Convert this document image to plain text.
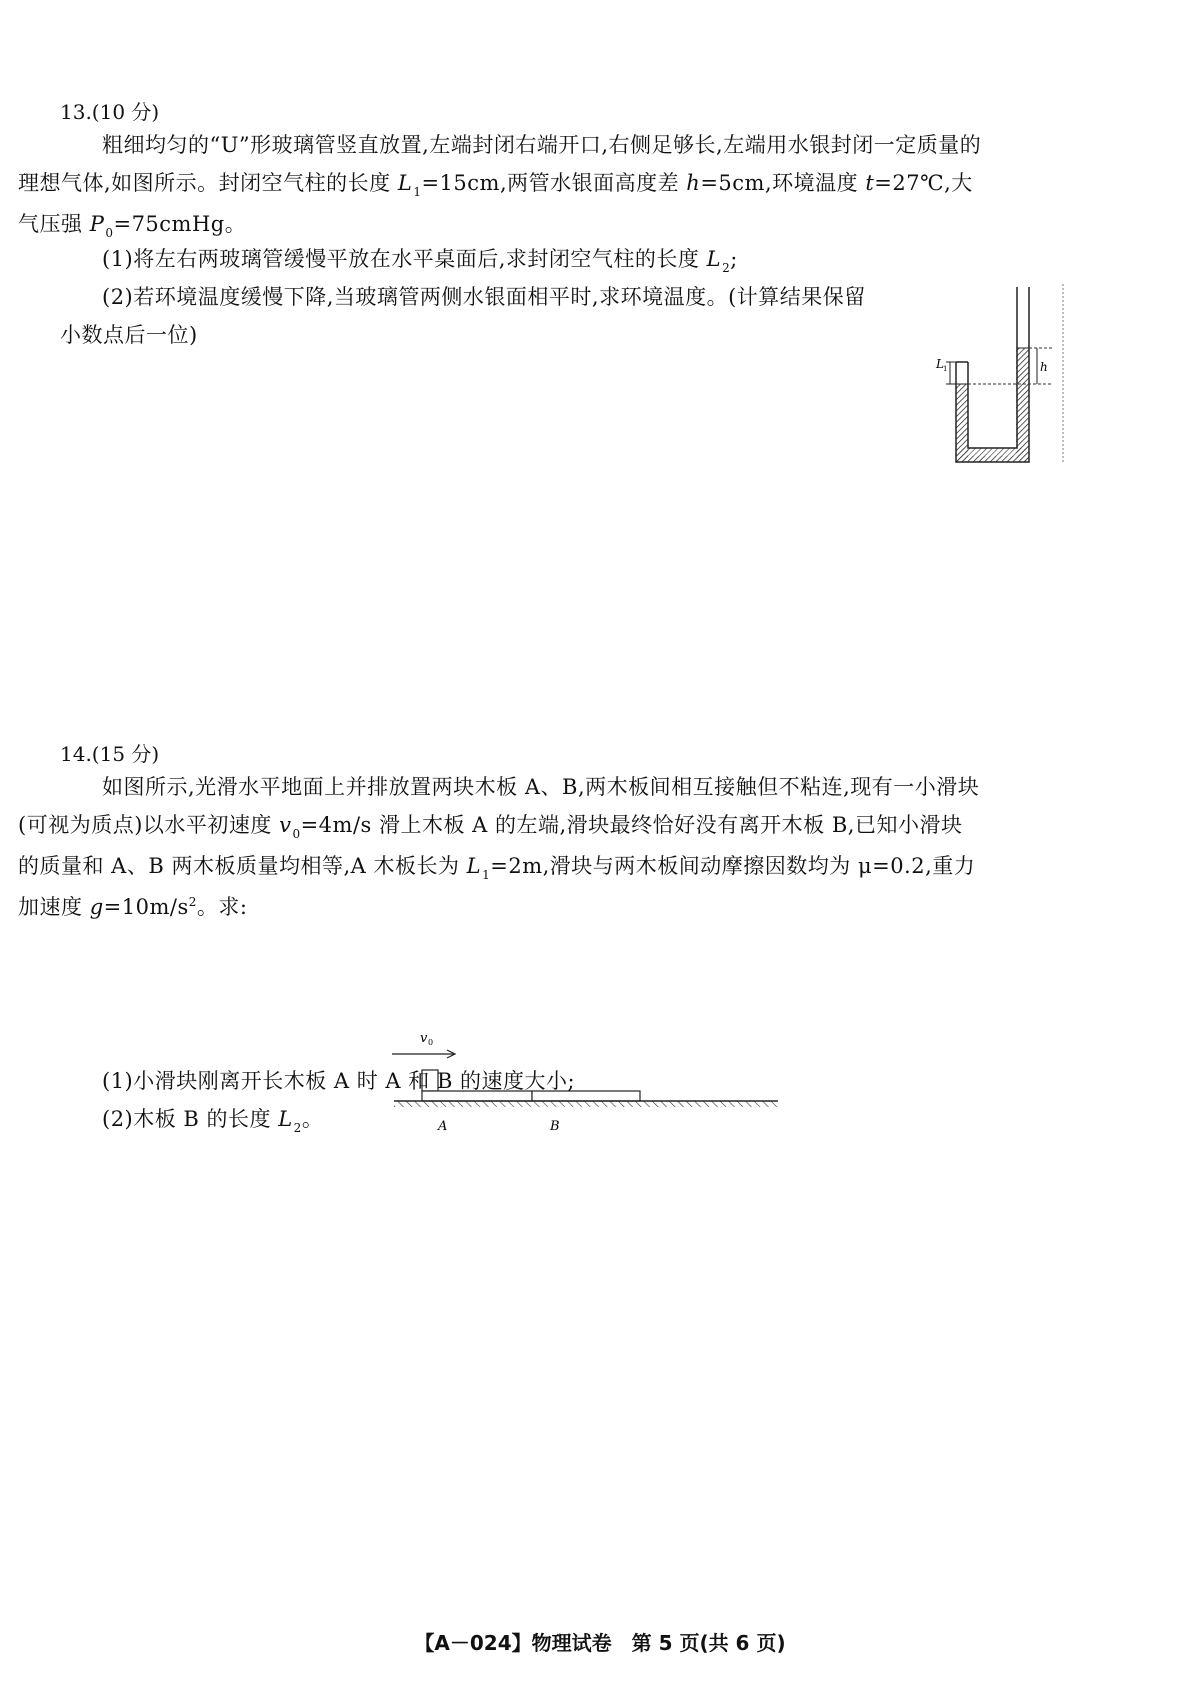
13.(10 分)
粗细均匀的“U”形玻璃管竖直放置,左端封闭右端开口,右侧足够长,左端用水银封闭一定质量的
理想气体,如图所示。封闭空气柱的长度 $L_1=15cm$,两管水银面高度差 h=5cm,环境温度 t=27℃,大
气压强 $P_0=75cmHg$。
(1)将左右两玻璃管缓慢平放在水平桌面后,求封闭空气柱的长度 $L_2$;
(2)若环境温度缓慢下降,当玻璃管两侧水银面相平时,求环境温度。(计算结果保留
小数点后一位)
L 1	h
14.(15 分)
如图所示,光滑水平地面上并排放置两块木板 A、B,两木板间相互接触但不粘连,现有一小滑块
(可视为质点)以水平初速度 $v_0=4m/s$ 滑上木板 A 的左端,滑块最终恰好没有离开木板 B,已知小滑块
的质量和 A、B 两木板质量均相等,A 木板长为 $L_1=2m$,滑块与两木板间动摩擦因数均为 μ=0.2,重力
加速度 $g=10m/s^2$。求:
v 0
A	B
(1)小滑块刚离开长木板 A 时 A 和 B 的速度大小;
(2)木板 B 的长度 $L_2$。
【A－024】物理试卷　第 5 页(共 6 页)
